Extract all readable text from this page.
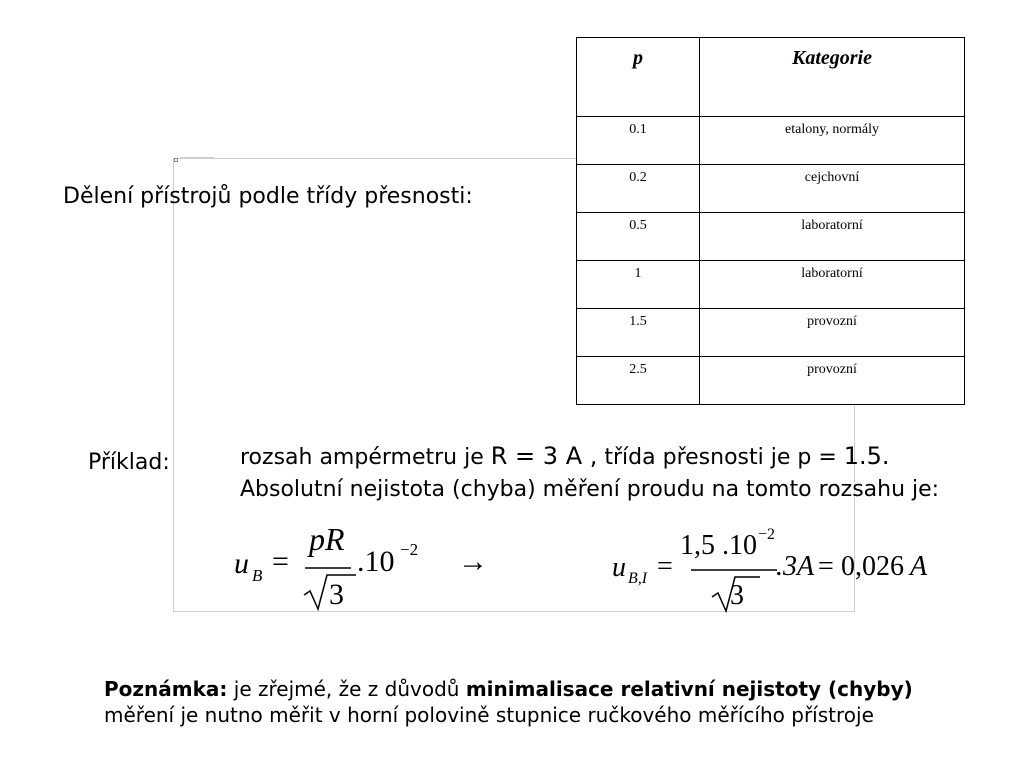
Dělení přístrojů podle třídy přesnosti:
p	Kategorie
0.1	etalony, normály
0.2	cejchovní
0.5	laboratorní
1	laboratorní
1.5	provozní
2.5	provozní
Příklad:	rozsah ampérmetru je R = 3 A , třída přesnosti je p = 1.5.
Absolutní nejistota (chyba) měření proudu na tomto rozsahu je:
u B =
pR
3
.10 −2 →	u B,I =
1,5 .10 −2
3
.3A = 0,026 A
Poznámka: je zřejmé, že z důvodů minimalisace relativní nejistoty (chyby)
měření je nutno měřit v horní polovině stupnice ručkového měřícího přístroje
